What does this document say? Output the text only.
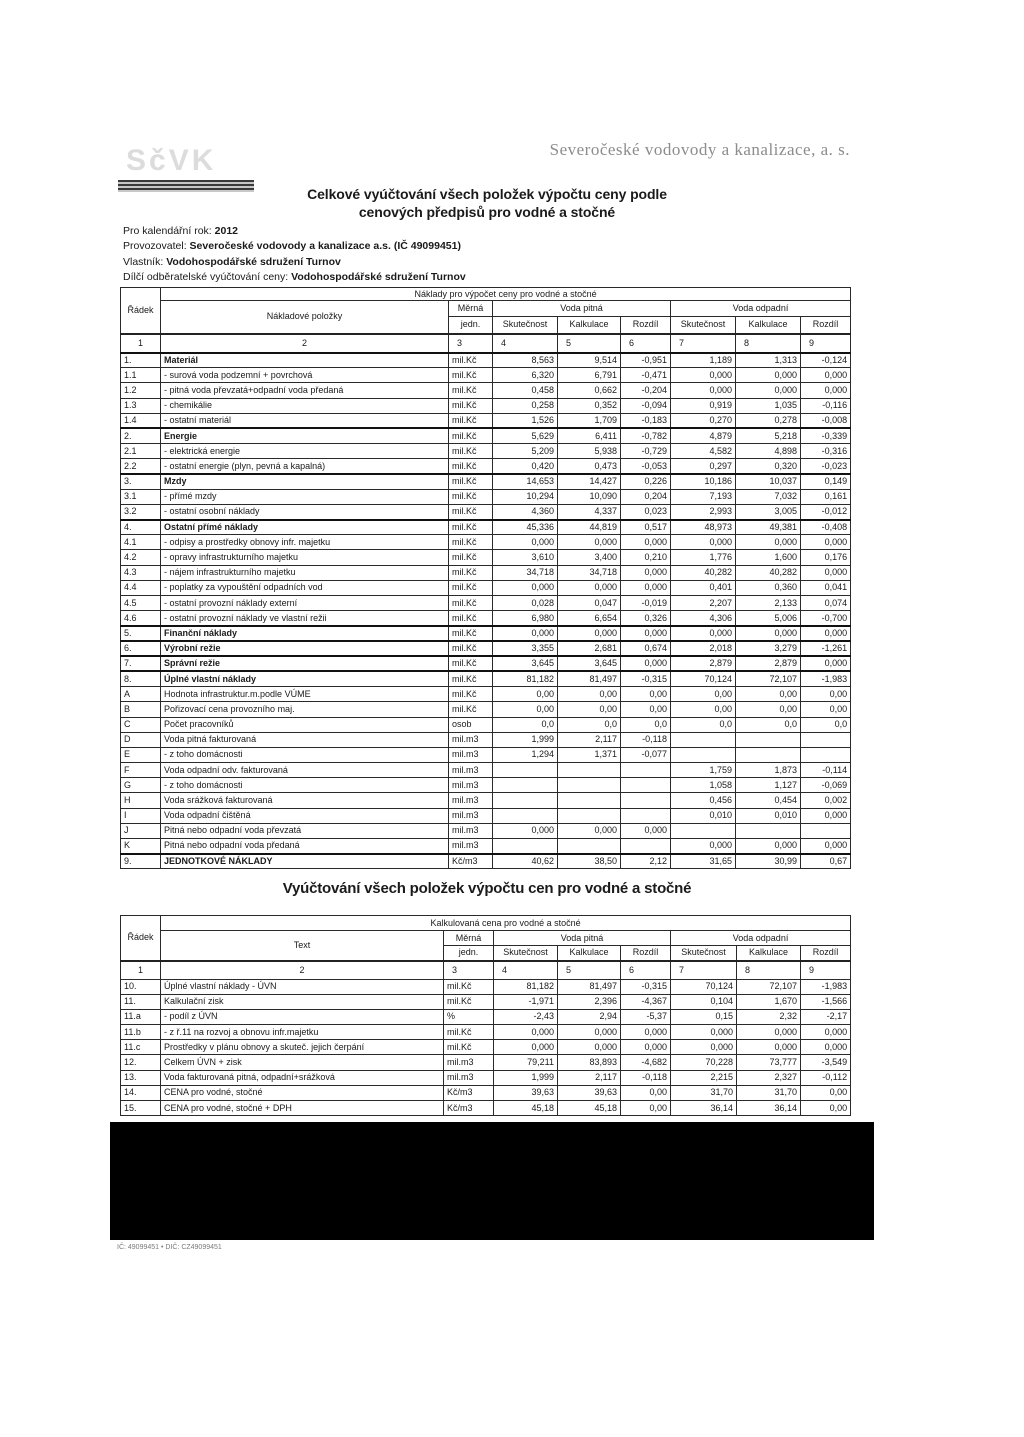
SčVK	Severočeské vodovody a kanalizace, a. s.
Celkové vyúčtování všech položek výpočtu ceny podle
cenových předpisů pro vodné a stočné
Pro kalendářní rok: 2012
Provozovatel: Severočeské vodovody a kanalizace a.s. (IČ 49099451)
Vlastník: Vodohospodářské sdružení Turnov
Dílčí odběratelské vyúčtování ceny: Vodohospodářské sdružení Turnov
Řádek	Náklady pro výpočet ceny pro vodné a stočné							
	Nákladové položky	Měrná	Voda pitná			Voda odpadní		
		jedn.	Skutečnost	Kalkulace	Rozdíl	Skutečnost	Kalkulace	Rozdíl
1	2	3	4	5	6	7	8	9
1.	Materiál	mil.Kč	8,563	9,514	-0,951	1,189	1,313	-0,124
1.1	- surová voda podzemní + povrchová	mil.Kč	6,320	6,791	-0,471	0,000	0,000	0,000
1.2	- pitná voda převzatá+odpadní voda předaná	mil.Kč	0,458	0,662	-0,204	0,000	0,000	0,000
1.3	- chemikálie	mil.Kč	0,258	0,352	-0,094	0,919	1,035	-0,116
1.4	- ostatní materiál	mil.Kč	1,526	1,709	-0,183	0,270	0,278	-0,008
2.	Energie	mil.Kč	5,629	6,411	-0,782	4,879	5,218	-0,339
2.1	- elektrická energie	mil.Kč	5,209	5,938	-0,729	4,582	4,898	-0,316
2.2	- ostatní energie (plyn, pevná a kapalná)	mil.Kč	0,420	0,473	-0,053	0,297	0,320	-0,023
3.	Mzdy	mil.Kč	14,653	14,427	0,226	10,186	10,037	0,149
3.1	- přímé mzdy	mil.Kč	10,294	10,090	0,204	7,193	7,032	0,161
3.2	- ostatní osobní náklady	mil.Kč	4,360	4,337	0,023	2,993	3,005	-0,012
4.	Ostatní přímé náklady	mil.Kč	45,336	44,819	0,517	48,973	49,381	-0,408
4.1	- odpisy a prostředky obnovy infr. majetku	mil.Kč	0,000	0,000	0,000	0,000	0,000	0,000
4.2	- opravy infrastrukturního majetku	mil.Kč	3,610	3,400	0,210	1,776	1,600	0,176
4.3	- nájem infrastrukturního majetku	mil.Kč	34,718	34,718	0,000	40,282	40,282	0,000
4.4	- poplatky za vypouštění odpadních vod	mil.Kč	0,000	0,000	0,000	0,401	0,360	0,041
4.5	- ostatní provozní náklady externí	mil.Kč	0,028	0,047	-0,019	2,207	2,133	0,074
4.6	- ostatní provozní náklady ve vlastní režii	mil.Kč	6,980	6,654	0,326	4,306	5,006	-0,700
5.	Finanční náklady	mil.Kč	0,000	0,000	0,000	0,000	0,000	0,000
6.	Výrobní režie	mil.Kč	3,355	2,681	0,674	2,018	3,279	-1,261
7.	Správní režie	mil.Kč	3,645	3,645	0,000	2,879	2,879	0,000
8.	Úplné vlastní náklady	mil.Kč	81,182	81,497	-0,315	70,124	72,107	-1,983
A	Hodnota infrastruktur.m.podle VÚME	mil.Kč	0,00	0,00	0,00	0,00	0,00	0,00
B	Pořizovací cena provozního maj.	mil.Kč	0,00	0,00	0,00	0,00	0,00	0,00
C	Počet pracovníků	osob	0,0	0,0	0,0	0,0	0,0	0,0
D	Voda pitná fakturovaná	mil.m3	1,999	2,117	-0,118			
E	- z toho domácnosti	mil.m3	1,294	1,371	-0,077			
F	Voda odpadní odv. fakturovaná	mil.m3				1,759	1,873	-0,114
G	- z toho domácnosti	mil.m3				1,058	1,127	-0,069
H	Voda srážková fakturovaná	mil.m3				0,456	0,454	0,002
I	Voda odpadní čištěná	mil.m3				0,010	0,010	0,000
J	Pitná nebo odpadní voda převzatá	mil.m3	0,000	0,000	0,000			
K	Pitná nebo odpadní voda předaná	mil.m3				0,000	0,000	0,000
9.	JEDNOTKOVÉ NÁKLADY	Kč/m3	40,62	38,50	2,12	31,65	30,99	0,67
Vyúčtování všech položek výpočtu cen pro vodné a stočné
Řádek	Kalkulovaná cena pro vodné a stočné							
	Text	Měrná	Voda pitná			Voda odpadní		
		jedn.	Skutečnost	Kalkulace	Rozdíl	Skutečnost	Kalkulace	Rozdíl
1	2	3	4	5	6	7	8	9
10.	Úplné vlastní náklady - ÚVN	mil.Kč	81,182	81,497	-0,315	70,124	72,107	-1,983
11.	Kalkulační zisk	mil.Kč	-1,971	2,396	-4,367	0,104	1,670	-1,566
11.a	- podíl z ÚVN	%	-2,43	2,94	-5,37	0,15	2,32	-2,17
11.b	- z ř.11 na rozvoj a obnovu infr.majetku	mil.Kč	0,000	0,000	0,000	0,000	0,000	0,000
11.c	Prostředky v plánu obnovy a skuteč. jejich čerpání	mil.Kč	0,000	0,000	0,000	0,000	0,000	0,000
12.	Celkem ÚVN + zisk	mil.m3	79,211	83,893	-4,682	70,228	73,777	-3,549
13.	Voda fakturovaná pitná, odpadní+srážková	mil.m3	1,999	2,117	-0,118	2,215	2,327	-0,112
14.	CENA pro vodné, stočné	Kč/m3	39,63	39,63	0,00	31,70	31,70	0,00
15.	CENA pro vodné, stočné + DPH	Kč/m3	45,18	45,18	0,00	36,14	36,14	0,00
IČ: 49099451 • DIČ: CZ49099451
